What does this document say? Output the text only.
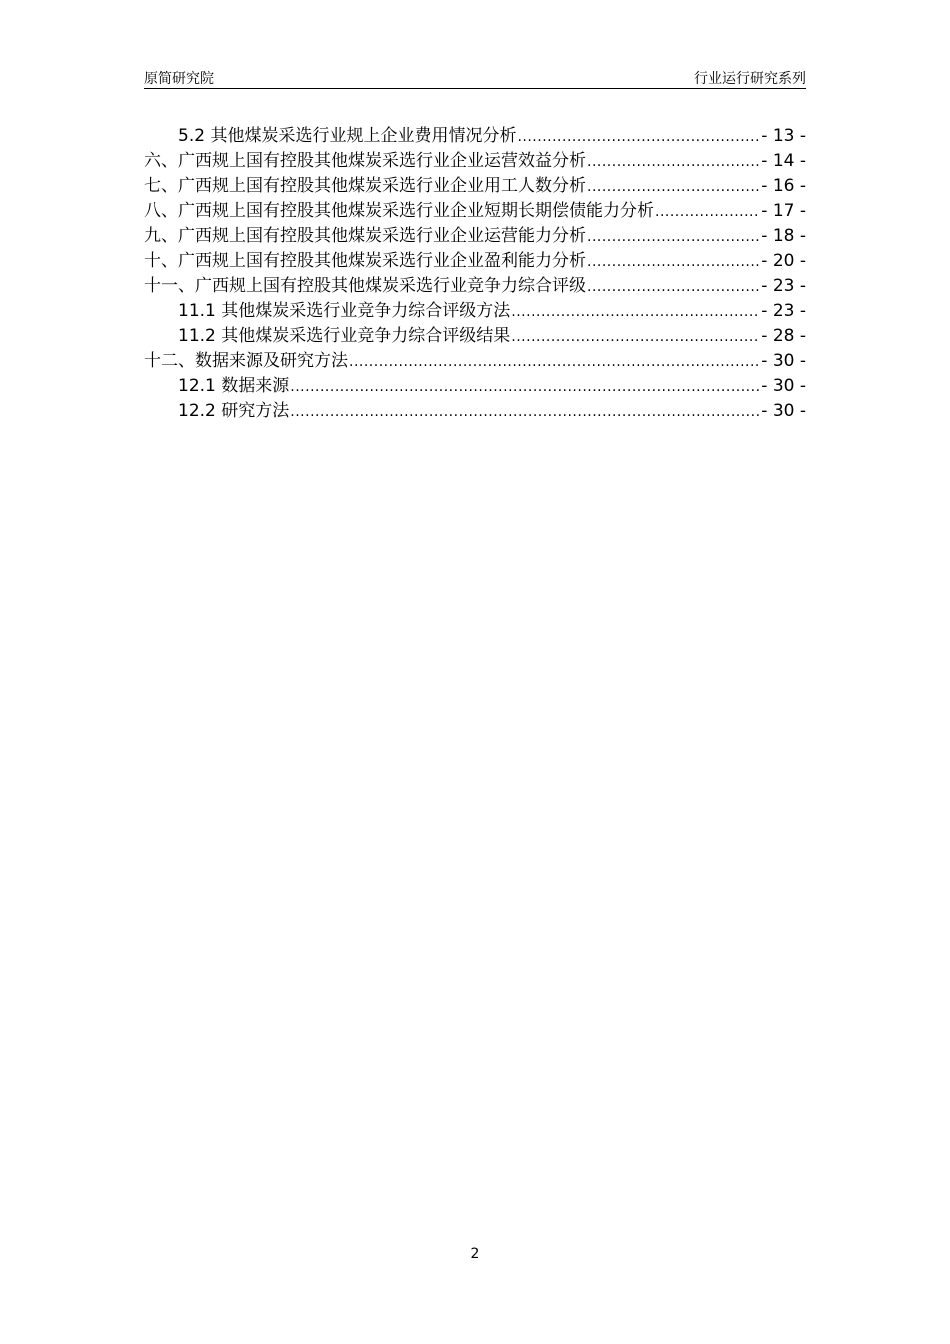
原简研究院	行业运行研究系列
5.2 其他煤炭采选行业规上企业费用情况分析 .....	- 13 -
六、广西规上国有控股其他煤炭采选行业企业运营效益分析 .....	- 14 -
七、广西规上国有控股其他煤炭采选行业企业用工人数分析 .....	- 16 -
八、广西规上国有控股其他煤炭采选行业企业短期长期偿债能力分析 .....	- 17 -
九、广西规上国有控股其他煤炭采选行业企业运营能力分析 .....	- 18 -
十、广西规上国有控股其他煤炭采选行业企业盈利能力分析 .....	- 20 -
十一、广西规上国有控股其他煤炭采选行业竞争力综合评级 .....	- 23 -
11.1 其他煤炭采选行业竞争力综合评级方法 .....	- 23 -
11.2 其他煤炭采选行业竞争力综合评级结果 .....	- 28 -
十二、数据来源及研究方法 .....	- 30 -
12.1 数据来源 .....	- 30 -
12.2 研究方法 .....	- 30 -
2
